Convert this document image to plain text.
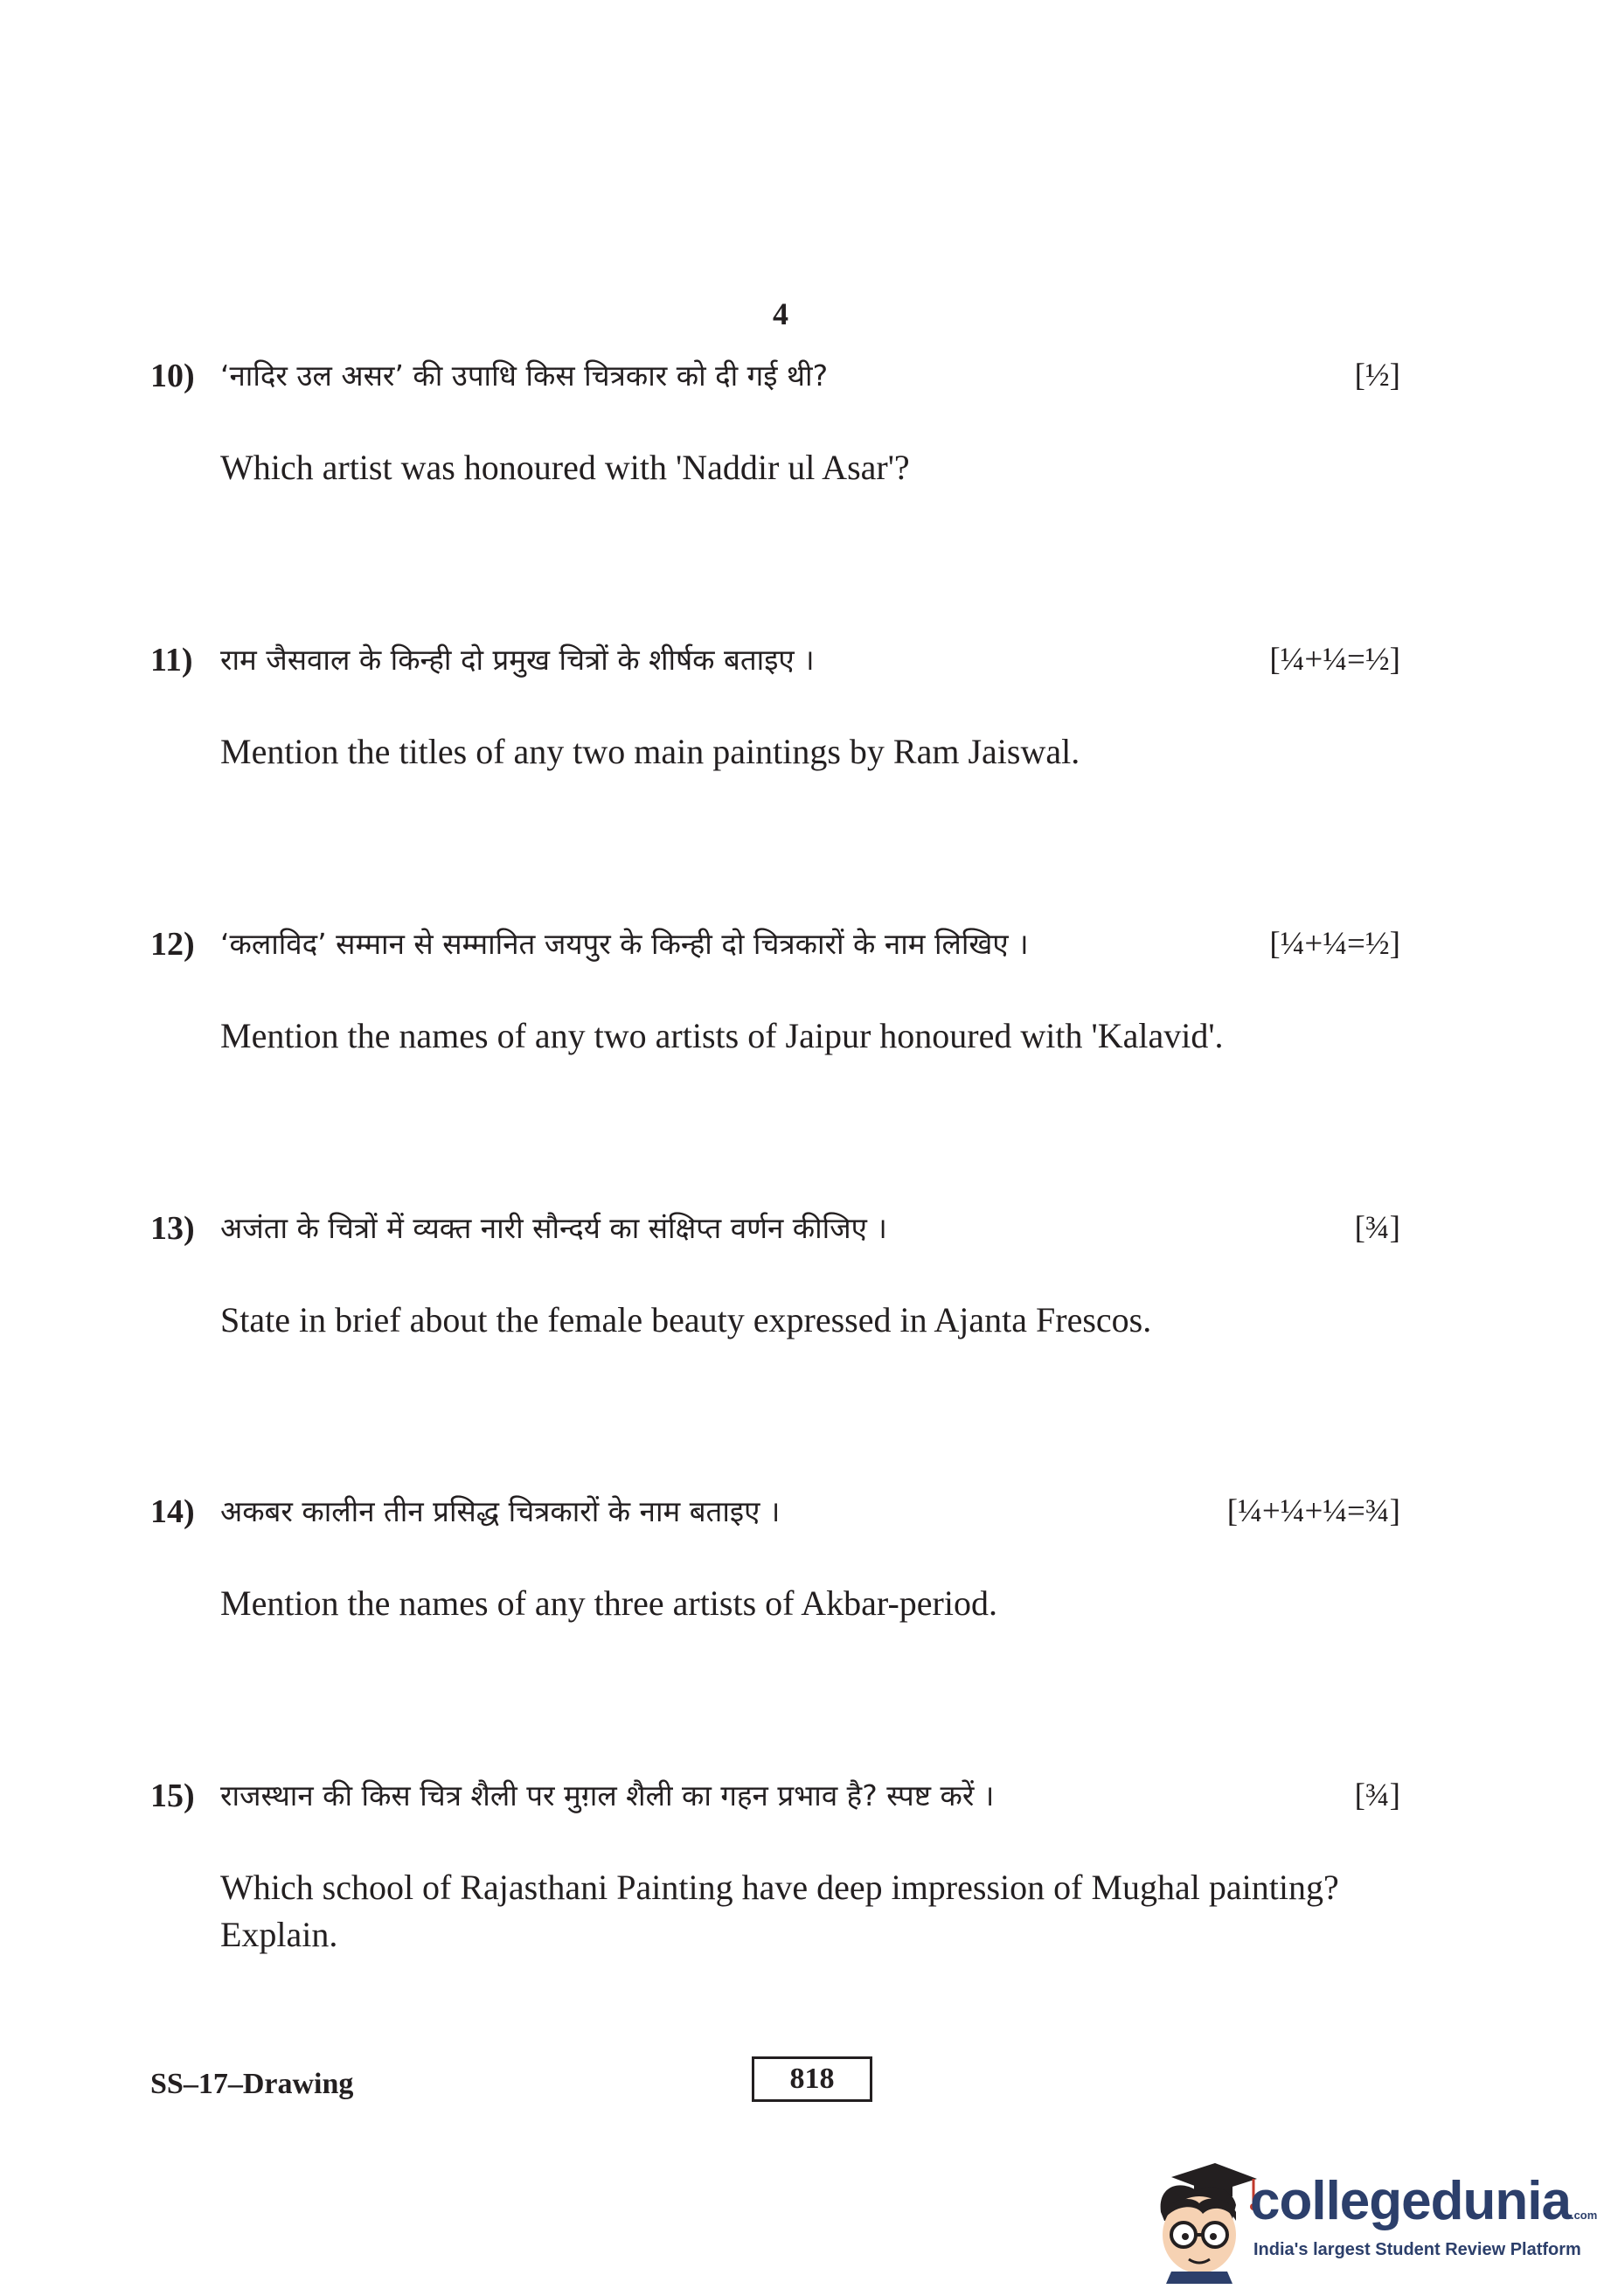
4
10) ‘नादिर उल असर’ की उपाधि किस चित्रकार को दी गई थी?	[½]
Which artist was honoured with 'Naddir ul Asar'?
11) राम जैसवाल के किन्ही दो प्रमुख चित्रों के शीर्षक बताइए ।	[¼+¼=½]
Mention the titles of any two main paintings by Ram Jaiswal.
12) ‘कलाविद’ सम्मान से सम्मानित जयपुर के किन्ही दो चित्रकारों के नाम लिखिए ।	[¼+¼=½]
Mention the names of any two artists of Jaipur honoured with 'Kalavid'.
13) अजंता के चित्रों में व्यक्त नारी सौन्दर्य का संक्षिप्त वर्णन कीजिए ।	[¾]
State in brief about the female beauty expressed in Ajanta Frescos.
14) अकबर कालीन तीन प्रसिद्ध चित्रकारों के नाम बताइए ।	[¼+¼+¼=¾]
Mention the names of any three artists of Akbar-period.
15) राजस्थान की किस चित्र शैली पर मुग़ल शैली का गहन प्रभाव है? स्पष्ट करें ।	[¾]
Which school of Rajasthani Painting have deep impression of Mughal painting?
Explain.
SS–17–Drawing	818
collegedunia.com
India's largest Student Review Platform
